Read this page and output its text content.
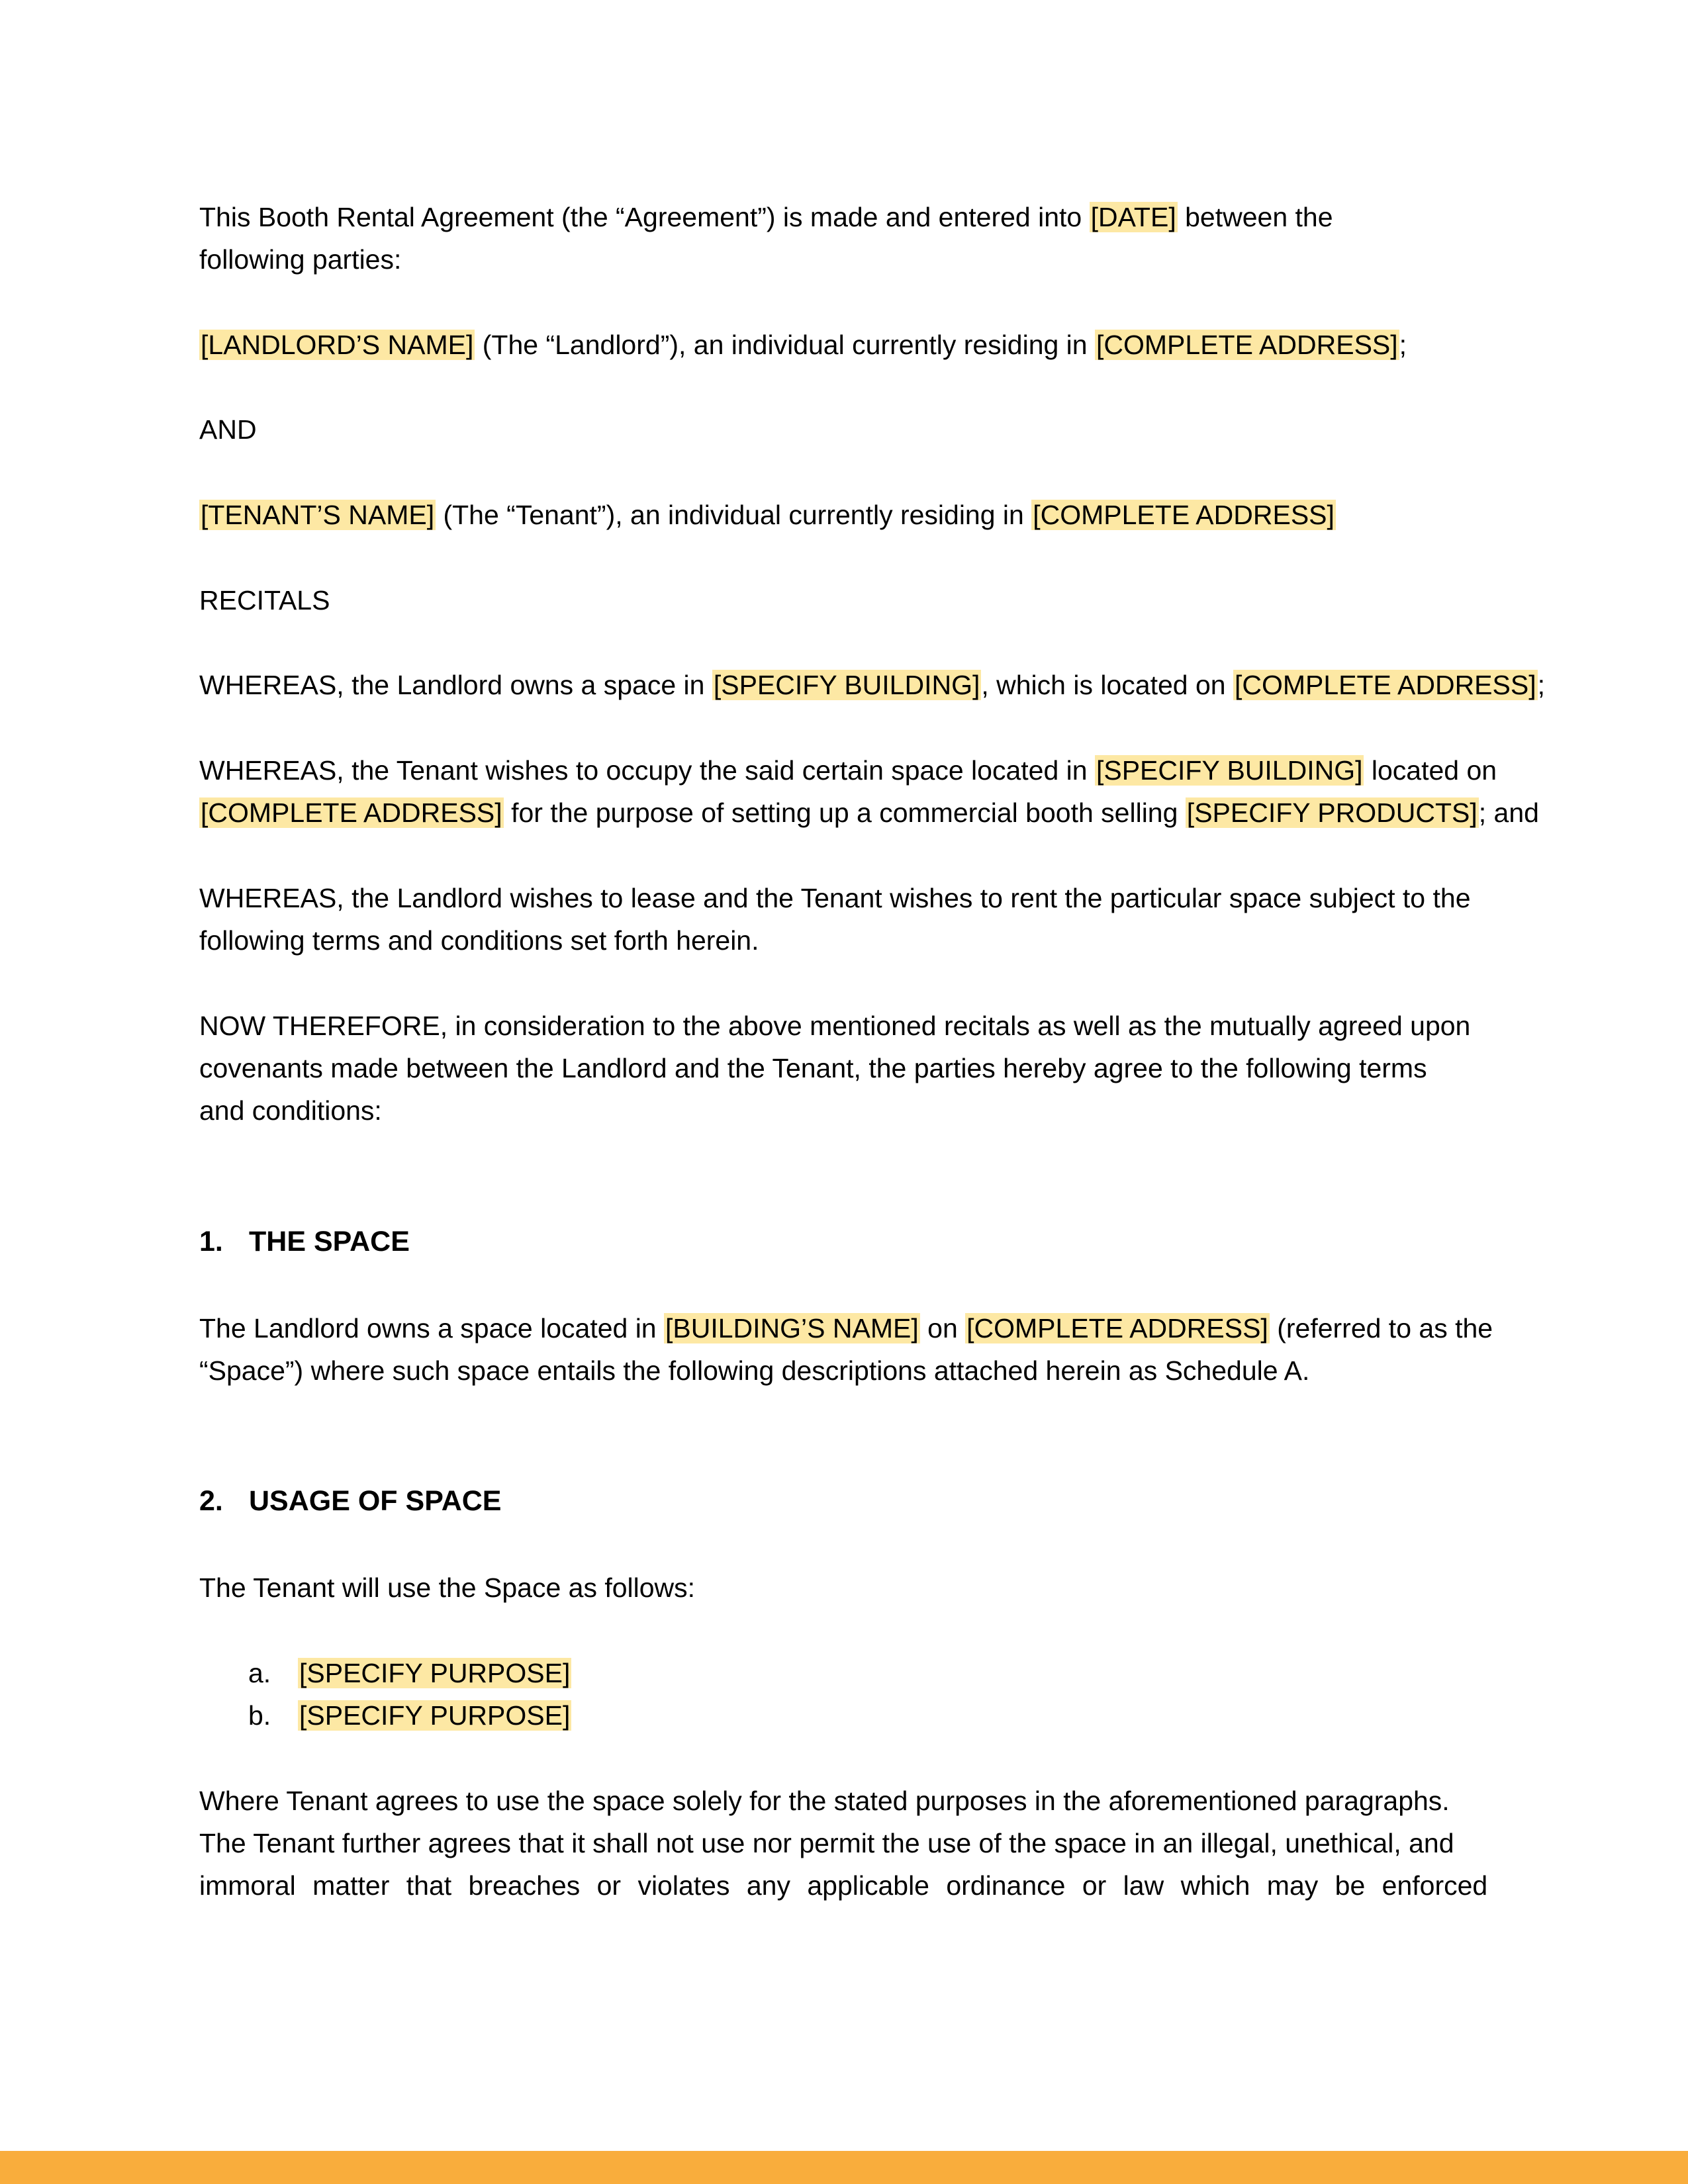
This Booth Rental Agreement (the “Agreement”) is made and entered into [DATE] between the
following parties:
[LANDLORD’S NAME] (The “Landlord”), an individual currently residing in [COMPLETE ADDRESS];
AND
[TENANT’S NAME] (The “Tenant”), an individual currently residing in [COMPLETE ADDRESS]
RECITALS
WHEREAS, the Landlord owns a space in [SPECIFY BUILDING], which is located on [COMPLETE ADDRESS];
WHEREAS, the Tenant wishes to occupy the said certain space located in [SPECIFY BUILDING] located on
[COMPLETE ADDRESS] for the purpose of setting up a commercial booth selling [SPECIFY PRODUCTS]; and
WHEREAS, the Landlord wishes to lease and the Tenant wishes to rent the particular space subject to the
following terms and conditions set forth herein.
NOW THEREFORE, in consideration to the above mentioned recitals as well as the mutually agreed upon
covenants made between the Landlord and the Tenant, the parties hereby agree to the following terms
and conditions:
1. THE SPACE
The Landlord owns a space located in [BUILDING’S NAME] on [COMPLETE ADDRESS] (referred to as the
“Space”) where such space entails the following descriptions attached herein as Schedule A.
2. USAGE OF SPACE
The Tenant will use the Space as follows:
a. [SPECIFY PURPOSE]
b. [SPECIFY PURPOSE]
Where Tenant agrees to use the space solely for the stated purposes in the aforementioned paragraphs.
The Tenant further agrees that it shall not use nor permit the use of the space in an illegal, unethical, and
immoral matter that breaches or violates any applicable ordinance or law which may be enforced
